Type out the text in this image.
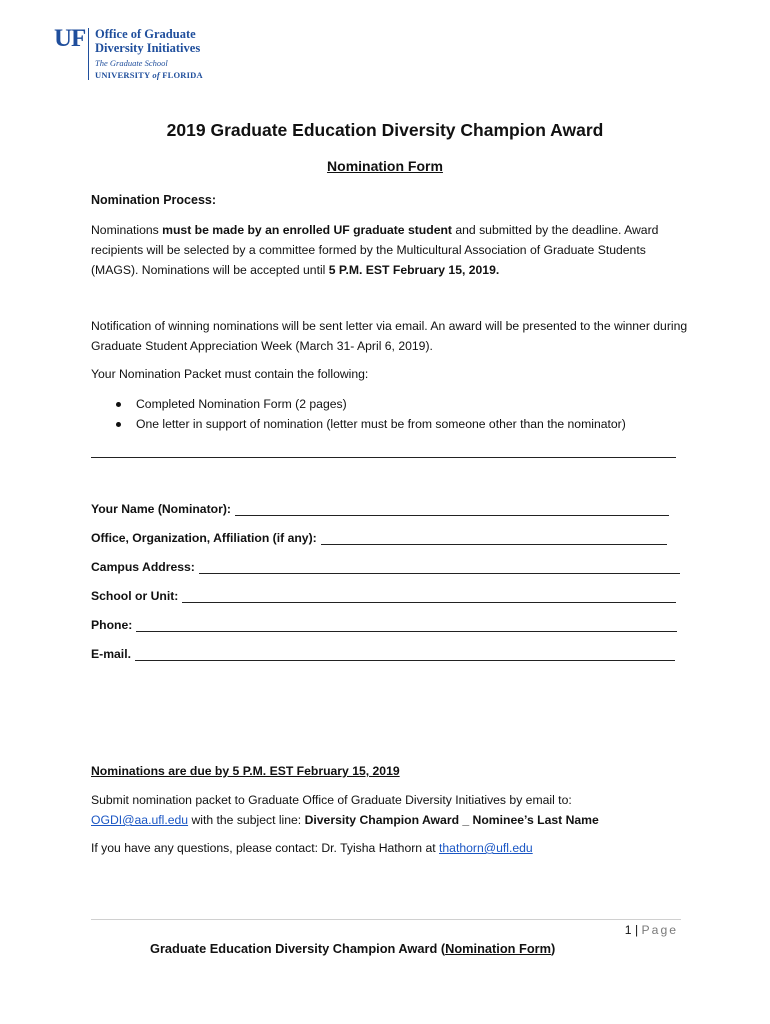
UF Office of Graduate
Diversity Initiatives
The Graduate School
UNIVERSITY of FLORIDA
2019 Graduate Education Diversity Champion Award
Nomination Form
Nomination Process:
Nominations must be made by an enrolled UF graduate student and submitted by the deadline. Award recipients will be selected by a committee formed by the Multicultural Association of Graduate Students (MAGS). Nominations will be accepted until 5 P.M. EST February 15, 2019.
Notification of winning nominations will be sent letter via email. An award will be presented to the winner during Graduate Student Appreciation Week (March 31- April 6, 2019).
Your Nomination Packet must contain the following:
Completed Nomination Form (2 pages)
One letter in support of nomination (letter must be from someone other than the nominator)
Your Name (Nominator):
Office, Organization, Affiliation (if any):
Campus Address:
School or Unit:
Phone:
E-mail.
Nominations are due by 5 P.M. EST February 15, 2019
Submit nomination packet to Graduate Office of Graduate Diversity Initiatives by email to:
OGDI@aa.ufl.edu with the subject line: Diversity Champion Award _ Nominee’s Last Name
If you have any questions, please contact: Dr. Tyisha Hathorn at thathorn@ufl.edu
1 | Page
Graduate Education Diversity Champion Award (Nomination Form)
